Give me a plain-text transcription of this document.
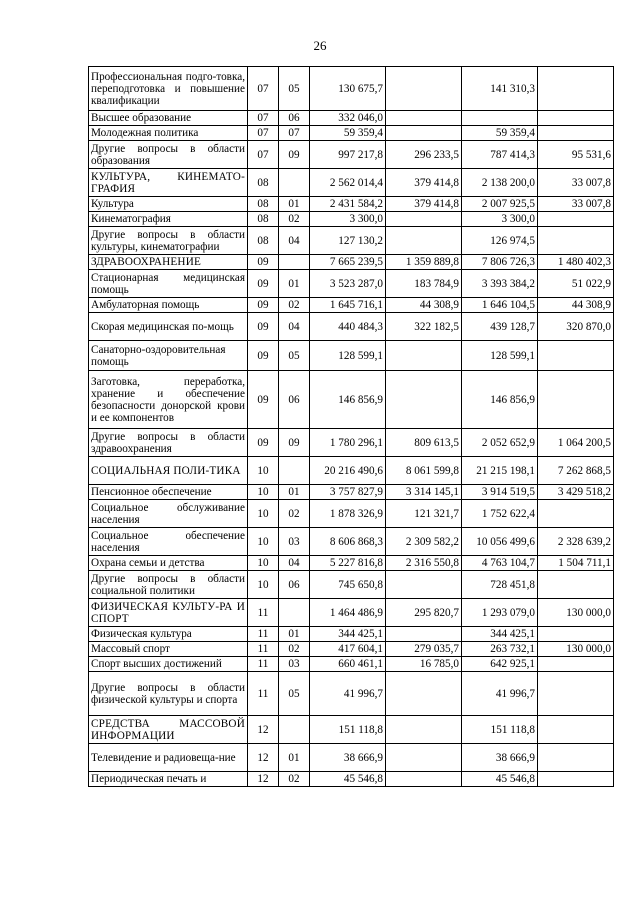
26
Профессиональная подго-товка, переподготовка и повышение квалификации	07	05	130 675,7		141 310,3	
Высшее образование	07	06	332 046,0			
Молодежная политика	07	07	59 359,4		59 359,4	
Другие вопросы в области образования	07	09	997 217,8	296 233,5	787 414,3	95 531,6
КУЛЬТУРА, КИНЕМАТО-ГРАФИЯ	08		2 562 014,4	379 414,8	2 138 200,0	33 007,8
Культура	08	01	2 431 584,2	379 414,8	2 007 925,5	33 007,8
Кинематография	08	02	3 300,0		3 300,0	
Другие вопросы в области культуры, кинематографии	08	04	127 130,2		126 974,5	
ЗДРАВООХРАНЕНИЕ	09		7 665 239,5	1 359 889,8	7 806 726,3	1 480 402,3
Стационарная медицинская помощь	09	01	3 523 287,0	183 784,9	3 393 384,2	51 022,9
Амбулаторная помощь	09	02	1 645 716,1	44 308,9	1 646 104,5	44 308,9
Скорая медицинская по-мощь	09	04	440 484,3	322 182,5	439 128,7	320 870,0
Санаторно-оздоровительная помощь	09	05	128 599,1		128 599,1	
Заготовка, переработка, хранение и обеспечение безопасности донорской крови и ее компонентов	09	06	146 856,9		146 856,9	
Другие вопросы в области здравоохранения	09	09	1 780 296,1	809 613,5	2 052 652,9	1 064 200,5
СОЦИАЛЬНАЯ ПОЛИ-ТИКА	10		20 216 490,6	8 061 599,8	21 215 198,1	7 262 868,5
Пенсионное обеспечение	10	01	3 757 827,9	3 314 145,1	3 914 519,5	3 429 518,2
Социальное обслуживание населения	10	02	1 878 326,9	121 321,7	1 752 622,4	
Социальное обеспечение населения	10	03	8 606 868,3	2 309 582,2	10 056 499,6	2 328 639,2
Охрана семьи и детства	10	04	5 227 816,8	2 316 550,8	4 763 104,7	1 504 711,1
Другие вопросы в области социальной политики	10	06	745 650,8		728 451,8	
ФИЗИЧЕСКАЯ КУЛЬТУ-РА И СПОРТ	11		1 464 486,9	295 820,7	1 293 079,0	130 000,0
Физическая культура	11	01	344 425,1		344 425,1	
Массовый спорт	11	02	417 604,1	279 035,7	263 732,1	130 000,0
Спорт высших достижений	11	03	660 461,1	16 785,0	642 925,1	
Другие вопросы в области физической культуры и спорта	11	05	41 996,7		41 996,7	
СРЕДСТВА МАССОВОЙ ИНФОРМАЦИИ	12		151 118,8		151 118,8	
Телевидение и радиовеща-ние	12	01	38 666,9		38 666,9	
Периодическая печать и	12	02	45 546,8		45 546,8	
